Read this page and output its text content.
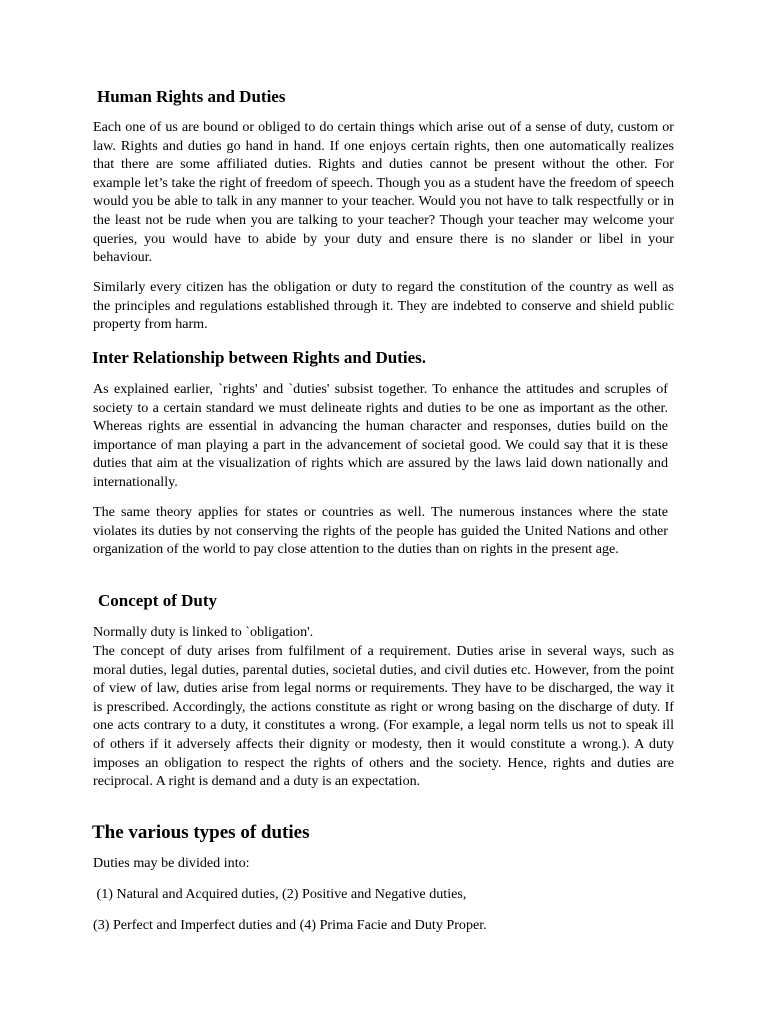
Human Rights and Duties

Each one of us are bound or obliged to do certain things which arise out of a sense of duty, custom or law. Rights and duties go hand in hand. If one enjoys certain rights, then one automatically realizes that there are some affiliated duties. Rights and duties cannot be present without the other. For example let’s take the right of freedom of speech. Though you as a student have the freedom of speech would you be able to talk in any manner to your teacher. Would you not have to talk respectfully or in the least not be rude when you are talking to your teacher? Though your teacher may welcome your queries, you would have to abide by your duty and ensure there is no slander or libel in your behaviour.

Similarly every citizen has the obligation or duty to regard the constitution of the country as well as the principles and regulations established through it. They are indebted to conserve and shield public property from harm.

Inter Relationship between Rights and Duties.

As explained earlier, `rights' and `duties' subsist together. To enhance the attitudes and scruples of society to a certain standard we must delineate rights and duties to be one as important as the other. Whereas rights are essential in advancing the human character and responses, duties build on the importance of man playing a part in the advancement of societal good. We could say that it is these duties that aim at the visualization of rights which are assured by the laws laid down nationally and internationally.

The same theory applies for states or countries as well. The numerous instances where the state violates its duties by not conserving the rights of the people has guided the United Nations and other organization of the world to pay close attention to the duties than on rights in the present age.

Concept of Duty

Normally duty is linked to `obligation'.

The concept of duty arises from fulfilment of a requirement. Duties arise in several ways, such as moral duties, legal duties, parental duties, societal duties, and civil duties etc. However, from the point of view of law, duties arise from legal norms or requirements. They have to be discharged, the way it is prescribed. Accordingly, the actions constitute as right or wrong basing on the discharge of duty. If one acts contrary to a duty, it constitutes a wrong. (For example, a legal norm tells us not to speak ill of others if it adversely affects their dignity or modesty, then it would constitute a wrong.). A duty imposes an obligation to respect the rights of others and the society. Hence, rights and duties are reciprocal. A right is demand and a duty is an expectation.

The various types of duties

Duties may be divided into:

(1) Natural and Acquired duties, (2) Positive and Negative duties,

(3) Perfect and Imperfect duties and (4) Prima Facie and Duty Proper.
